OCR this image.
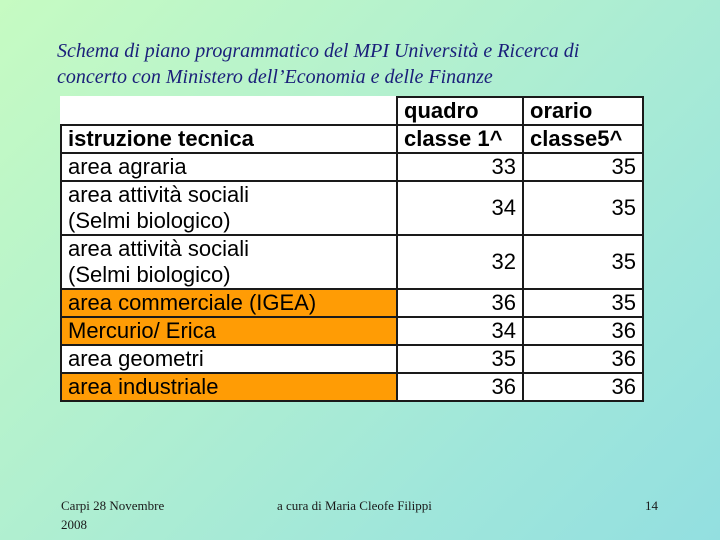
Schema di piano programmatico del MPI Università e Ricerca di
concerto con Ministero dell’Economia e delle Finanze
	quadro	orario
istruzione tecnica	classe 1^	classe5^

area agraria	33	35

area attività sociali
(Selmi biologico)	34	35

area attività sociali
(Selmi biologico)	32	35

area commerciale (IGEA)	36	35

Mercurio/ Erica	34	36

area geometri	35	36

area industriale	36	36
Carpi 28 Novembre
2008
a cura di Maria Cleofe Filippi	14
